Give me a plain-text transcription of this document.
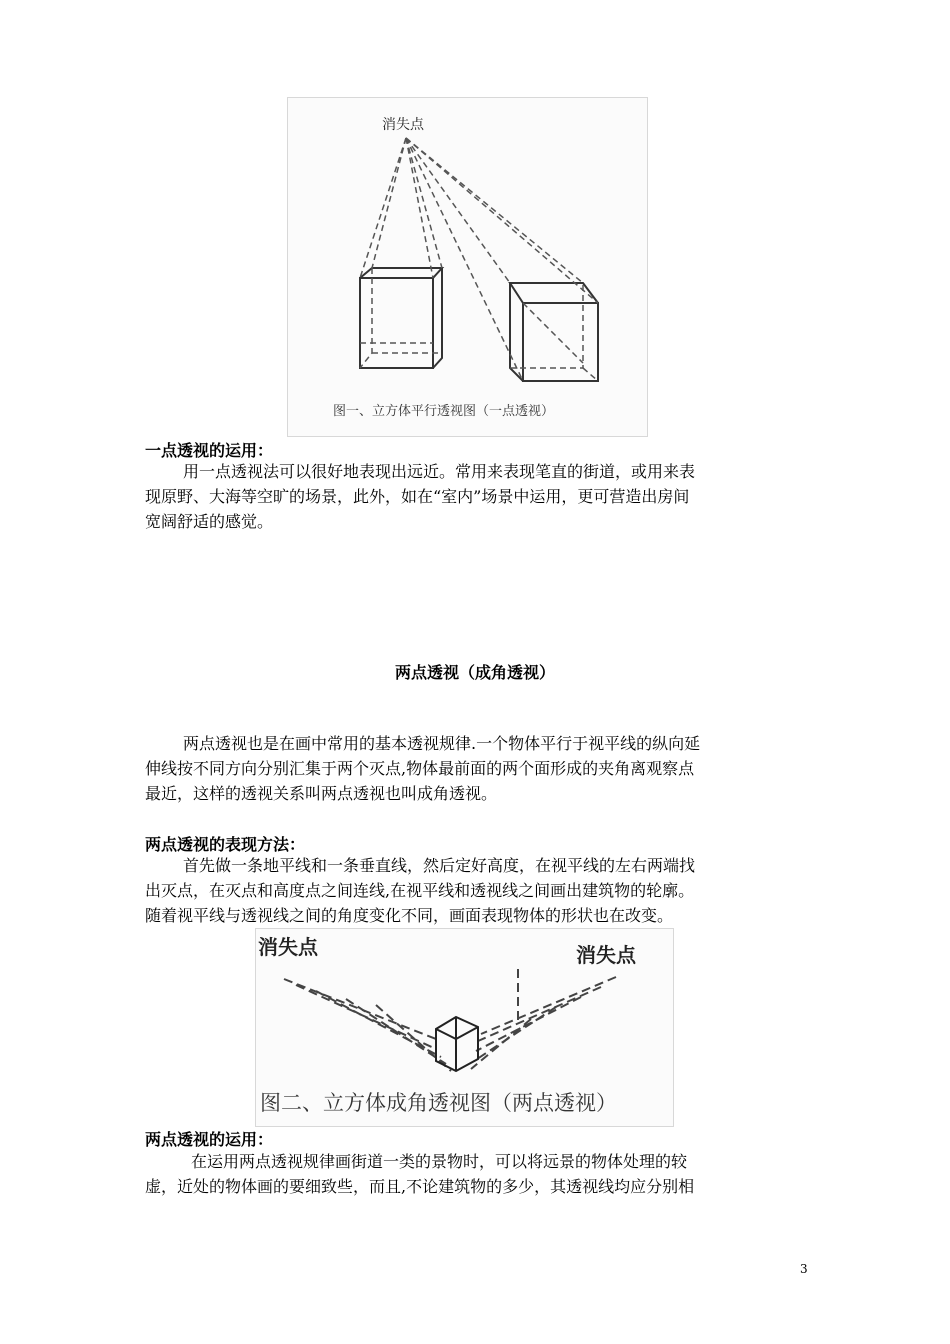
消失点
图一、立方体平行透视图（一点透视）
一点透视的运用：
用一点透视法可以很好地表现出远近。常用来表现笔直的街道，或用来表
现原野、大海等空旷的场景，此外，如在“室内”场景中运用，更可营造出房间
宽阔舒适的感觉。
两点透视（成角透视）
两点透视也是在画中常用的基本透视规律.一个物体平行于视平线的纵向延
伸线按不同方向分别汇集于两个灭点,物体最前面的两个面形成的夹角离观察点
最近，这样的透视关系叫两点透视也叫成角透视。
两点透视的表现方法：
首先做一条地平线和一条垂直线，然后定好高度，在视平线的左右两端找
出灭点，在灭点和高度点之间连线,在视平线和透视线之间画出建筑物的轮廓。
随着视平线与透视线之间的角度变化不同，画面表现物体的形状也在改变。
消失点	消失点
图二、立方体成角透视图（两点透视）
两点透视的运用：
在运用两点透视规律画街道一类的景物时，可以将远景的物体处理的较
虚，近处的物体画的要细致些，而且,不论建筑物的多少，其透视线均应分别相
3
